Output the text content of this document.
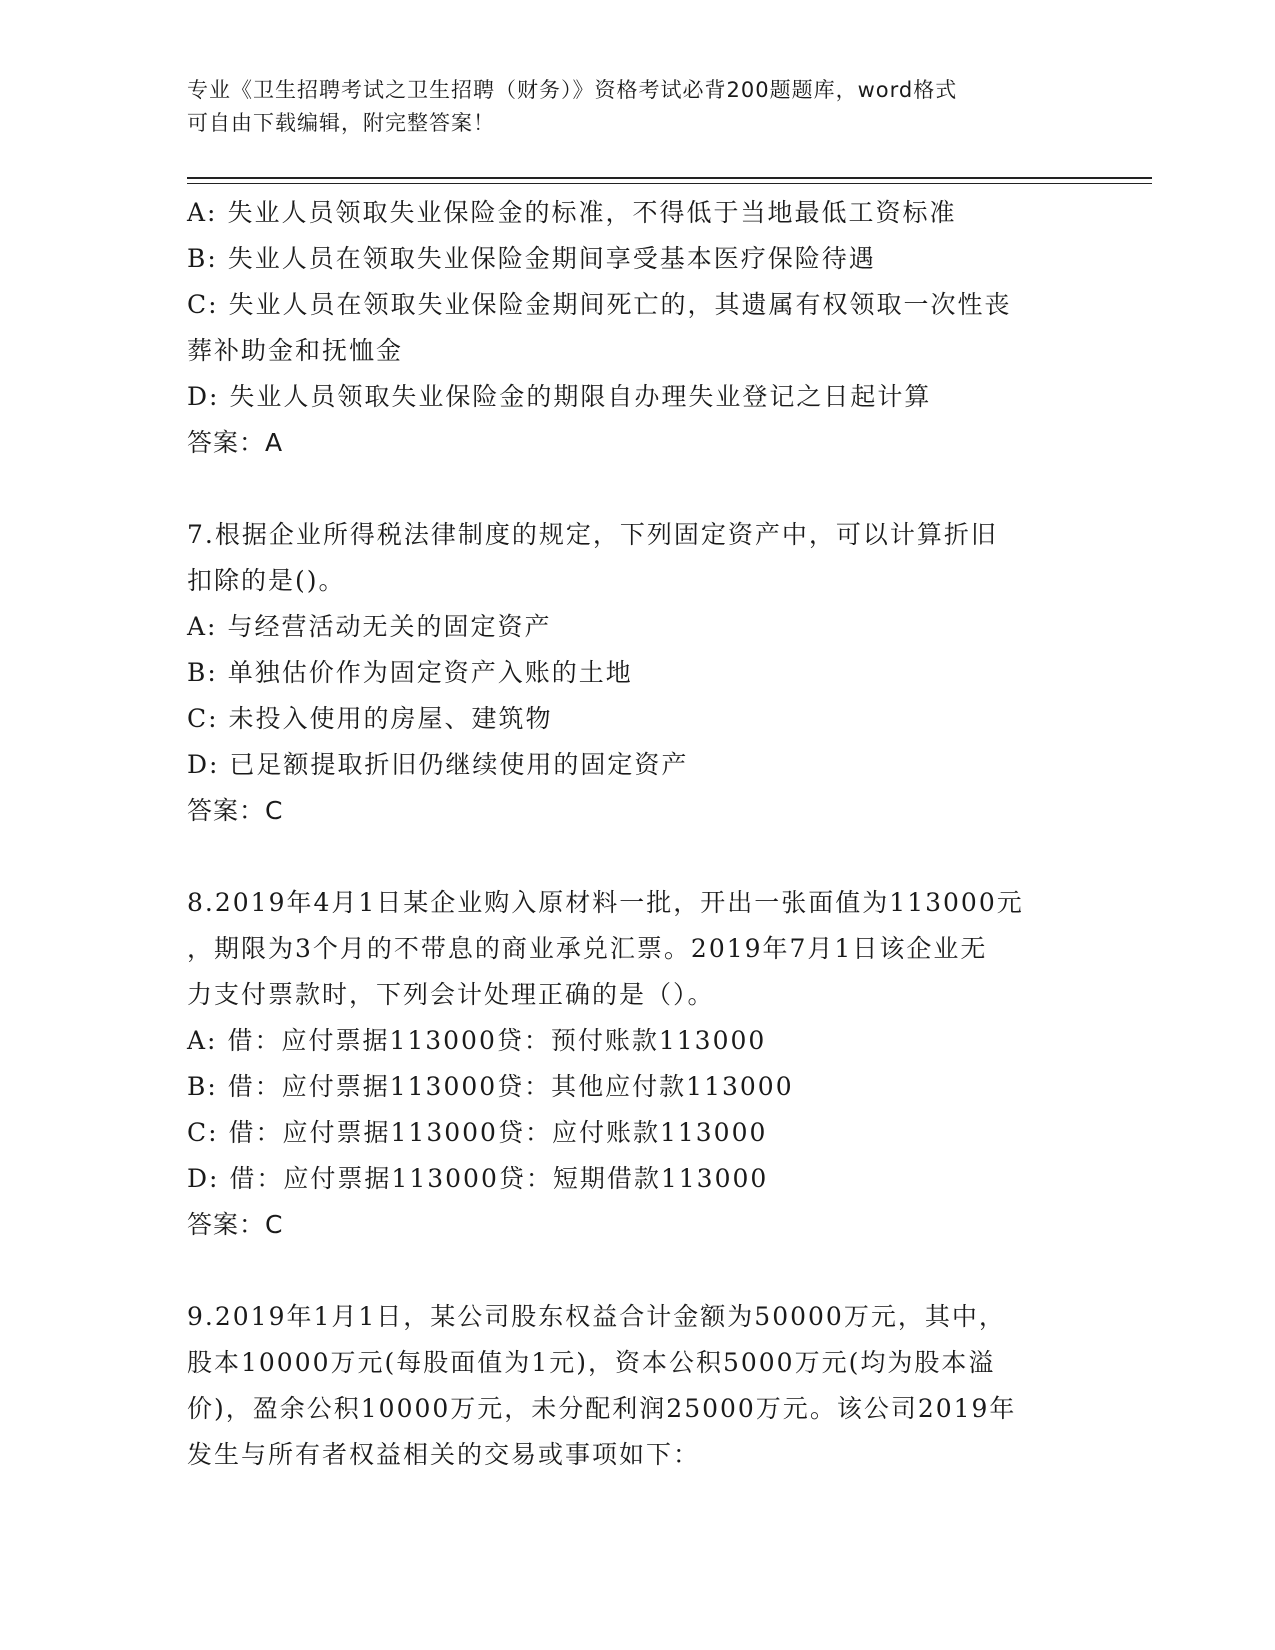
专业《卫生招聘考试之卫生招聘（财务）》资格考试必背200题题库，word格式
可自由下载编辑，附完整答案！
A: 失业人员领取失业保险金的标准，不得低于当地最低工资标准
B: 失业人员在领取失业保险金期间享受基本医疗保险待遇
C: 失业人员在领取失业保险金期间死亡的，其遗属有权领取一次性丧
葬补助金和抚恤金
D: 失业人员领取失业保险金的期限自办理失业登记之日起计算
答案：A
7.根据企业所得税法律制度的规定，下列固定资产中，可以计算折旧
扣除的是()。
A: 与经营活动无关的固定资产
B: 单独估价作为固定资产入账的土地
C: 未投入使用的房屋、建筑物
D: 已足额提取折旧仍继续使用的固定资产
答案：C
8.2019年4月1日某企业购入原材料一批，开出一张面值为113000元
，期限为3个月的不带息的商业承兑汇票。2019年7月1日该企业无
力支付票款时，下列会计处理正确的是（）。
A: 借：应付票据113000贷：预付账款113000
B: 借：应付票据113000贷：其他应付款113000
C: 借：应付票据113000贷：应付账款113000
D: 借：应付票据113000贷：短期借款113000
答案：C
9.2019年1月1日，某公司股东权益合计金额为50000万元，其中，
股本10000万元(每股面值为1元)，资本公积5000万元(均为股本溢
价)，盈余公积10000万元，未分配利润25000万元。该公司2019年
发生与所有者权益相关的交易或事项如下：
